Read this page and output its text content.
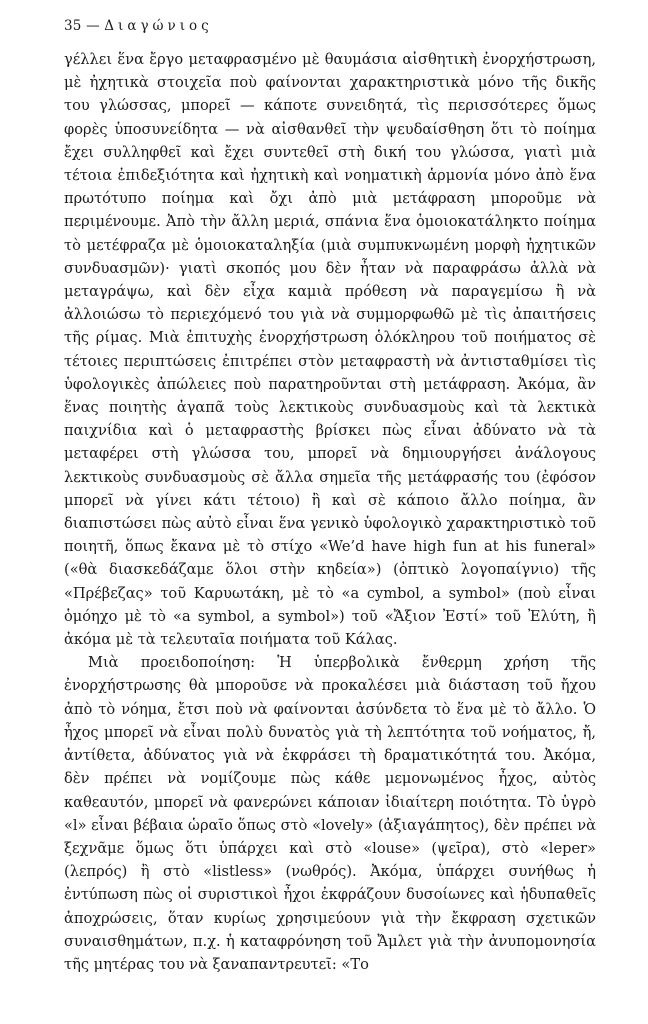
35 — Διαγώνιος

γέλλει ἕνα ἔργο μεταφρασμένο μὲ θαυμάσια αἰσθητικὴ ἐνορχήστρωση, μὲ ἠχητικὰ στοιχεῖα ποὺ φαίνονται χαρακτηριστικὰ μόνο τῆς δικῆς του γλώσσας, μπορεῖ — κάποτε συνειδητά, τὶς περισσότερες ὅμως φορὲς ὑποσυνείδητα — νὰ αἰσθανθεῖ τὴν ψευδαίσθηση ὅτι τὸ ποίημα ἔχει συλληφθεῖ καὶ ἔχει συντεθεῖ στὴ δική του γλώσσα, γιατὶ μιὰ τέτοια ἐπιδεξιότητα καὶ ἠχητικὴ καὶ νοηματικὴ ἁρμονία μόνο ἀπὸ ἕνα πρωτότυπο ποίημα καὶ ὄχι ἀπὸ μιὰ μετάφραση μποροῦμε νὰ περιμένουμε. Ἀπὸ τὴν ἄλλη μεριά, σπάνια ἕνα ὁμοιοκατάληκτο ποίημα τὸ μετέφραζα μὲ ὁμοιοκαταληξία (μιὰ συμπυκνωμένη μορφὴ ἠχητικῶν συνδυασμῶν)· γιατὶ σκοπός μου δὲν ἦταν νὰ παραφράσω ἀλλὰ νὰ μεταγράψω, καὶ δὲν εἶχα καμιὰ πρόθεση νὰ παραγεμίσω ἢ νὰ ἀλλοιώσω τὸ περιεχόμενό του γιὰ νὰ συμμορφωθῶ μὲ τὶς ἀπαιτήσεις τῆς ρίμας. Μιὰ ἐπιτυχὴς ἐνορχήστρωση ὁλόκληρου τοῦ ποιήματος σὲ τέτοιες περιπτώσεις ἐπιτρέπει στὸν μεταφραστὴ νὰ ἀντισταθμίσει τὶς ὑφολογικὲς ἀπώλειες ποὺ παρατηροῦνται στὴ μετάφραση. Ἀκόμα, ἂν ἕνας ποιητὴς ἀγαπᾶ τοὺς λεκτικοὺς συνδυασμοὺς καὶ τὰ λεκτικὰ παιχνίδια καὶ ὁ μεταφραστὴς βρίσκει πὼς εἶναι ἀδύνατο νὰ τὰ μεταφέρει στὴ γλώσσα του, μπορεῖ νὰ δημιουργήσει ἀνάλογους λεκτικοὺς συνδυασμοὺς σὲ ἄλλα σημεῖα τῆς μετάφρασής του (ἐφόσον μπορεῖ νὰ γίνει κάτι τέτοιο) ἢ καὶ σὲ κάποιο ἄλλο ποίημα, ἂν διαπιστώσει πὼς αὐτὸ εἶναι ἕνα γενικὸ ὑφολογικὸ χαρακτηριστικὸ τοῦ ποιητῆ, ὅπως ἔκανα μὲ τὸ στίχο «We’d have high fun at his funeral» («θὰ διασκεδάζαμε ὅλοι στὴν κηδεία») (ὀπτικὸ λογοπαίγνιο) τῆς «Πρέβεζας» τοῦ Καρυωτάκη, μὲ τὸ «a cymbol, a symbol» (ποὺ εἶναι ὁμόηχο μὲ τὸ «a symbol, a symbol») τοῦ «Ἄξιον Ἐστί» τοῦ Ἐλύτη, ἢ ἀκόμα μὲ τὰ τελευταῖα ποιήματα τοῦ Κάλας.

Μιὰ προειδοποίηση: Ἡ ὑπερβολικὰ ἔνθερμη χρήση τῆς ἐνορχήστρωσης θὰ μποροῦσε νὰ προκαλέσει μιὰ διάσταση τοῦ ἤχου ἀπὸ τὸ νόημα, ἔτσι ποὺ νὰ φαίνονται ἀσύνδετα τὸ ἕνα μὲ τὸ ἄλλο. Ὁ ἦχος μπορεῖ νὰ εἶναι πολὺ δυνατὸς γιὰ τὴ λεπτότητα τοῦ νοήματος, ἤ, ἀντίθετα, ἀδύνατος γιὰ νὰ ἐκφράσει τὴ δραματικότητά του. Ἀκόμα, δὲν πρέπει νὰ νομίζουμε πὼς κάθε μεμονωμένος ἦχος, αὐτὸς καθεαυτόν, μπορεῖ νὰ φανερώνει κάποιαν ἰδιαίτερη ποιότητα. Τὸ ὑγρὸ «l» εἶναι βέβαια ὡραῖο ὅπως στὸ «lovely» (ἀξιαγάπητος), δὲν πρέπει νὰ ξεχνᾶμε ὅμως ὅτι ὑπάρχει καὶ στὸ «louse» (ψεῖρα), στὸ «leper» (λεπρός) ἢ στὸ «listless» (νωθρός). Ἀκόμα, ὑπάρχει συνήθως ἡ ἐντύπωση πὼς οἱ συριστικοὶ ἦχοι ἐκφράζουν δυσοίωνες καὶ ἡδυπαθεῖς ἀποχρώσεις, ὅταν κυρίως χρησιμεύουν γιὰ τὴν ἔκφραση σχετικῶν συναισθημάτων, π.χ. ἡ καταφρόνηση τοῦ Ἄμλετ γιὰ τὴν ἀνυπομονησία τῆς μητέρας του νὰ ξαναπαντρευτεῖ: «Το
